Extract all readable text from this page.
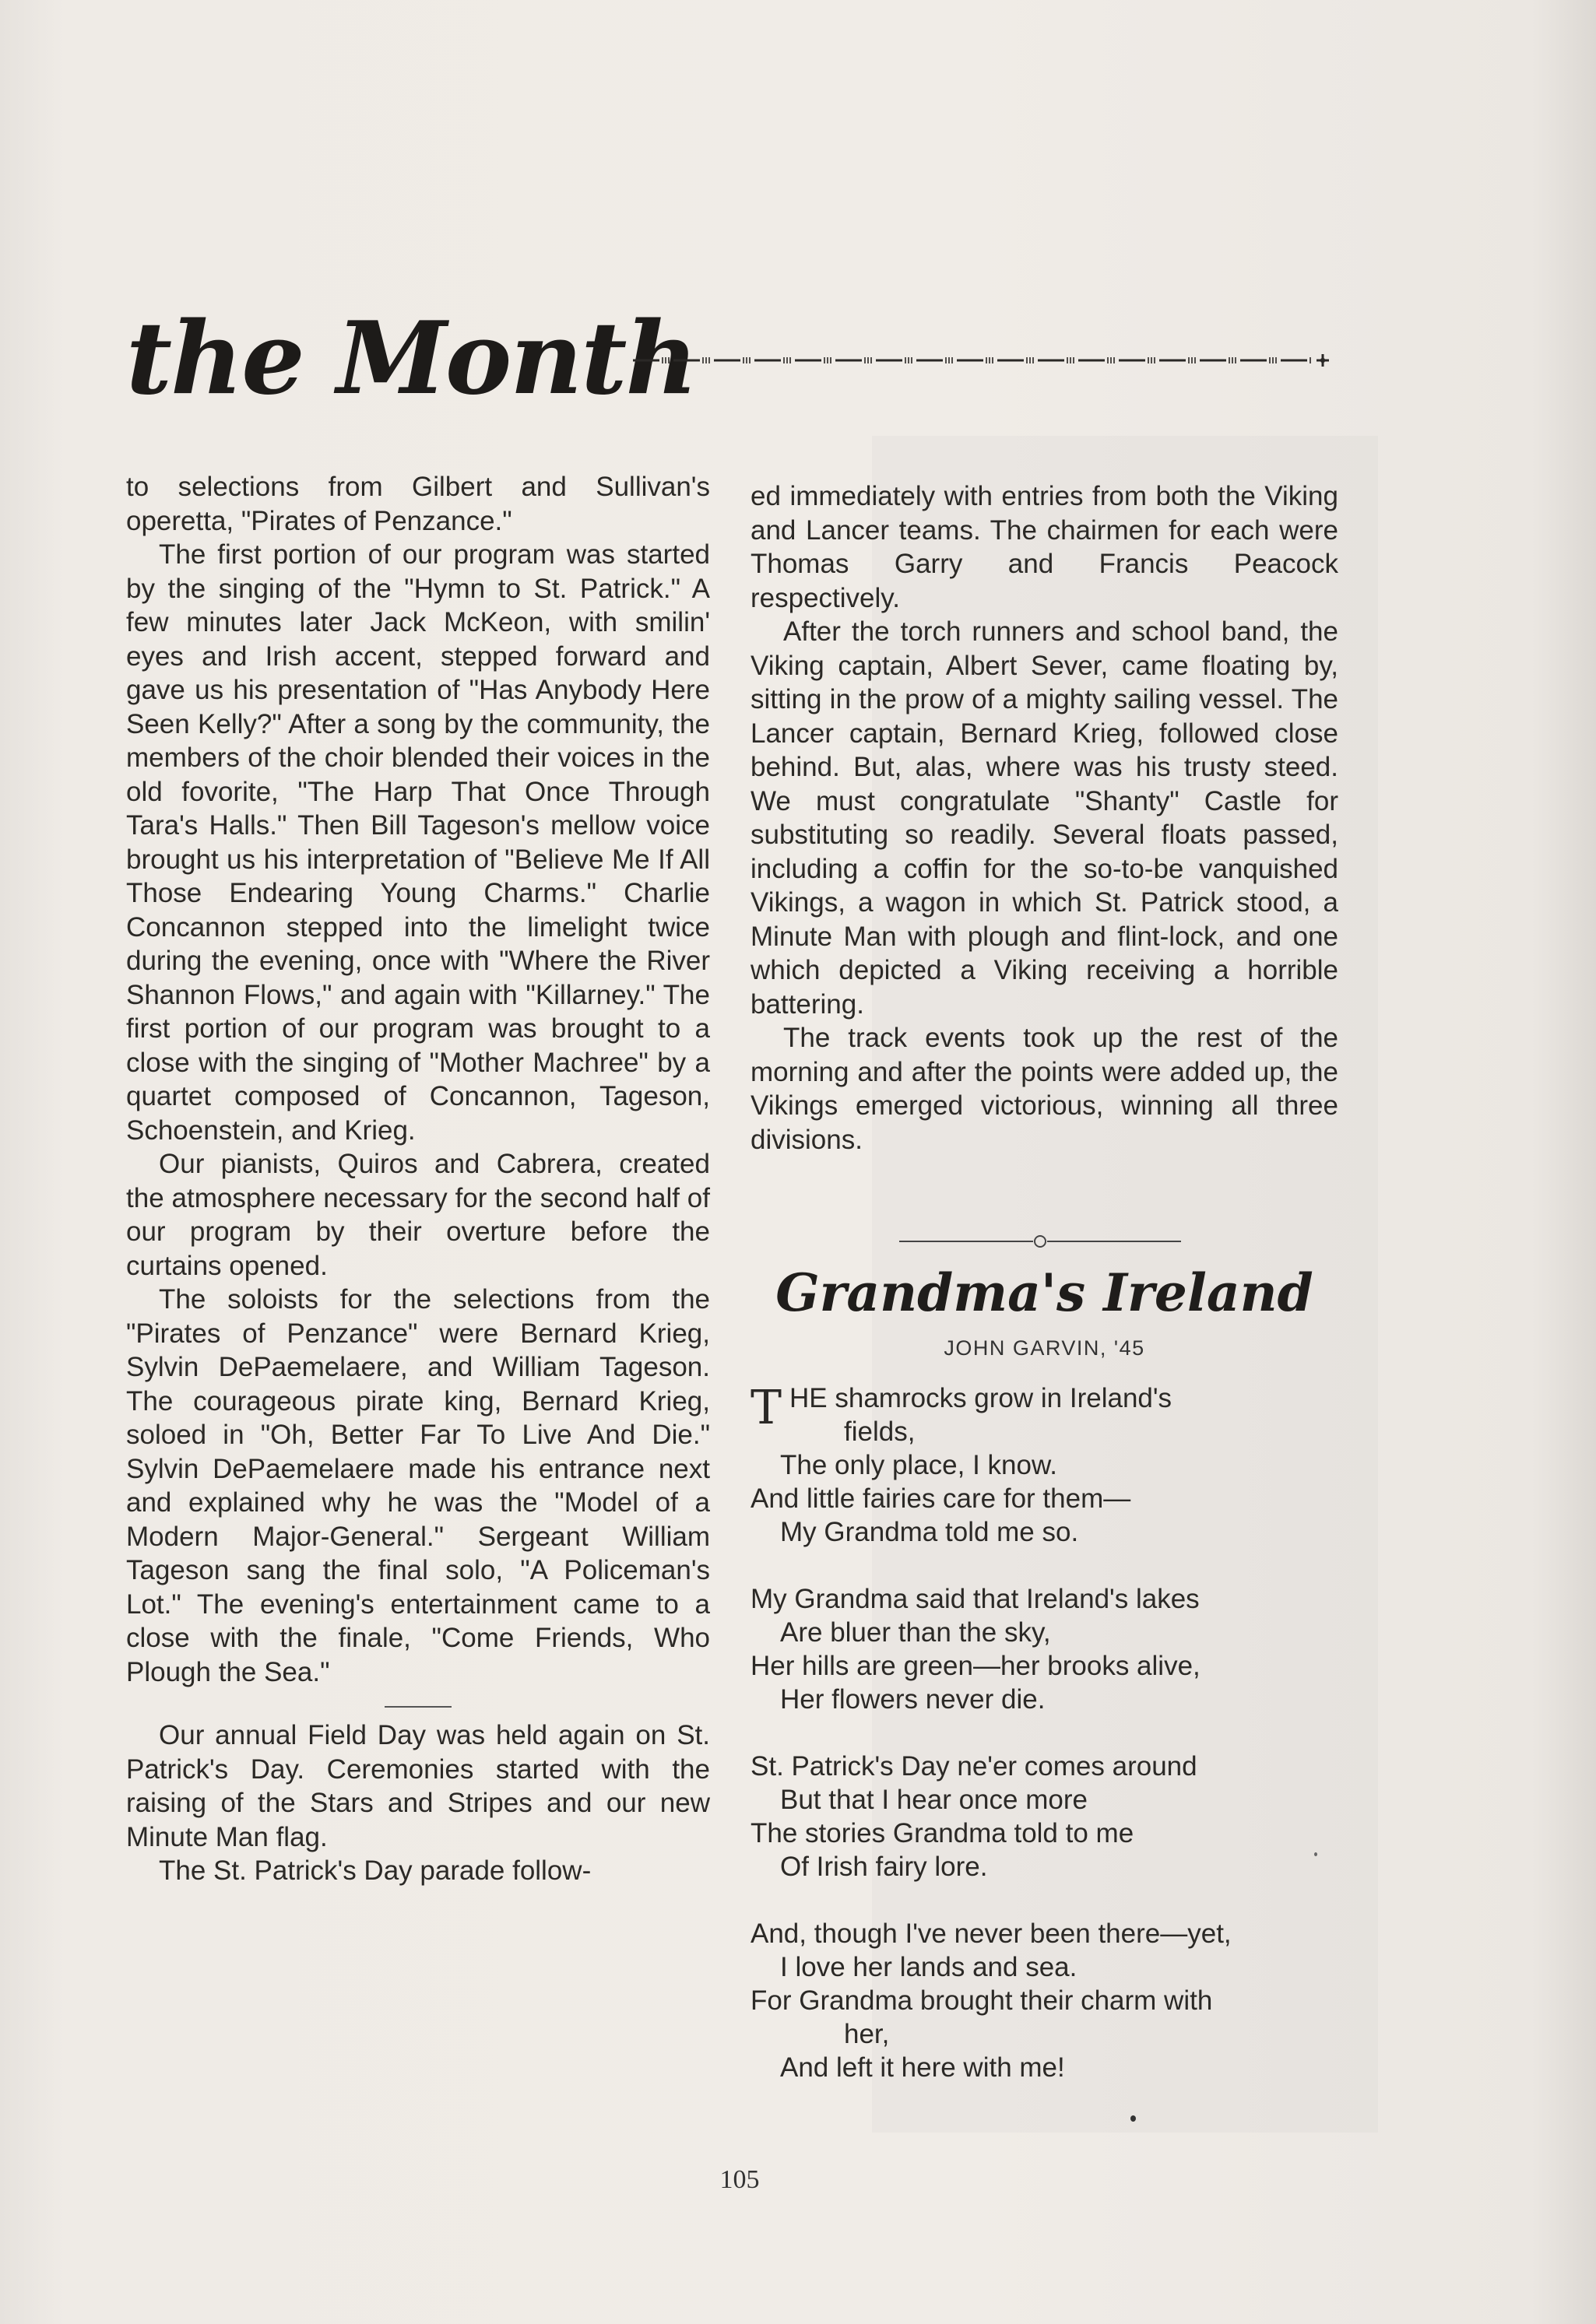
the Month

to selections from Gilbert and Sullivan's operetta, "Pirates of Penzance."

The first portion of our program was started by the singing of the "Hymn to St. Patrick." A few minutes later Jack McKeon, with smilin' eyes and Irish accent, stepped forward and gave us his presentation of "Has Anybody Here Seen Kelly?" After a song by the community, the members of the choir blended their voices in the old fovorite, "The Harp That Once Through Tara's Halls." Then Bill Tageson's mellow voice brought us his interpretation of "Believe Me If All Those Endearing Young Charms." Charlie Concannon stepped into the limelight twice during the evening, once with "Where the River Shannon Flows," and again with "Killarney." The first portion of our program was brought to a close with the singing of "Mother Machree" by a quartet composed of Concannon, Tageson, Schoenstein, and Krieg.

Our pianists, Quiros and Cabrera, created the atmosphere necessary for the second half of our program by their overture before the curtains opened.

The soloists for the selections from the "Pirates of Penzance" were Bernard Krieg, Sylvin DePaemelaere, and William Tageson. The courageous pirate king, Bernard Krieg, soloed in "Oh, Better Far To Live And Die." Sylvin DePaemelaere made his entrance next and explained why he was the "Model of a Modern Major-General." Sergeant William Tageson sang the final solo, "A Policeman's Lot." The evening's entertainment came to a close with the finale, "Come Friends, Who Plough the Sea."

Our annual Field Day was held again on St. Patrick's Day. Ceremonies started with the raising of the Stars and Stripes and our new Minute Man flag.

The St. Patrick's Day parade follow-

ed immediately with entries from both the Viking and Lancer teams. The chairmen for each were Thomas Garry and Francis Peacock respectively.

After the torch runners and school band, the Viking captain, Albert Sever, came floating by, sitting in the prow of a mighty sailing vessel. The Lancer captain, Bernard Krieg, followed close behind. But, alas, where was his trusty steed. We must congratulate "Shanty" Castle for substituting so readily. Several floats passed, including a coffin for the so-to-be vanquished Vikings, a wagon in which St. Patrick stood, a Minute Man with plough and flint-lock, and one which depicted a Viking receiving a horrible battering.

The track events took up the rest of the morning and after the points were added up, the Vikings emerged victorious, winning all three divisions.

Grandma's Ireland
JOHN GARVIN, '45
T HE shamrocks grow in Ireland's
fields,
The only place, I know.
And little fairies care for them—
My Grandma told me so.
My Grandma said that Ireland's lakes
Are bluer than the sky,
Her hills are green—her brooks alive,
Her flowers never die.
St. Patrick's Day ne'er comes around
But that I hear once more
The stories Grandma told to me
Of Irish fairy lore.
And, though I've never been there—yet,
I love her lands and sea.
For Grandma brought their charm with
her,
And left it here with me!
105
